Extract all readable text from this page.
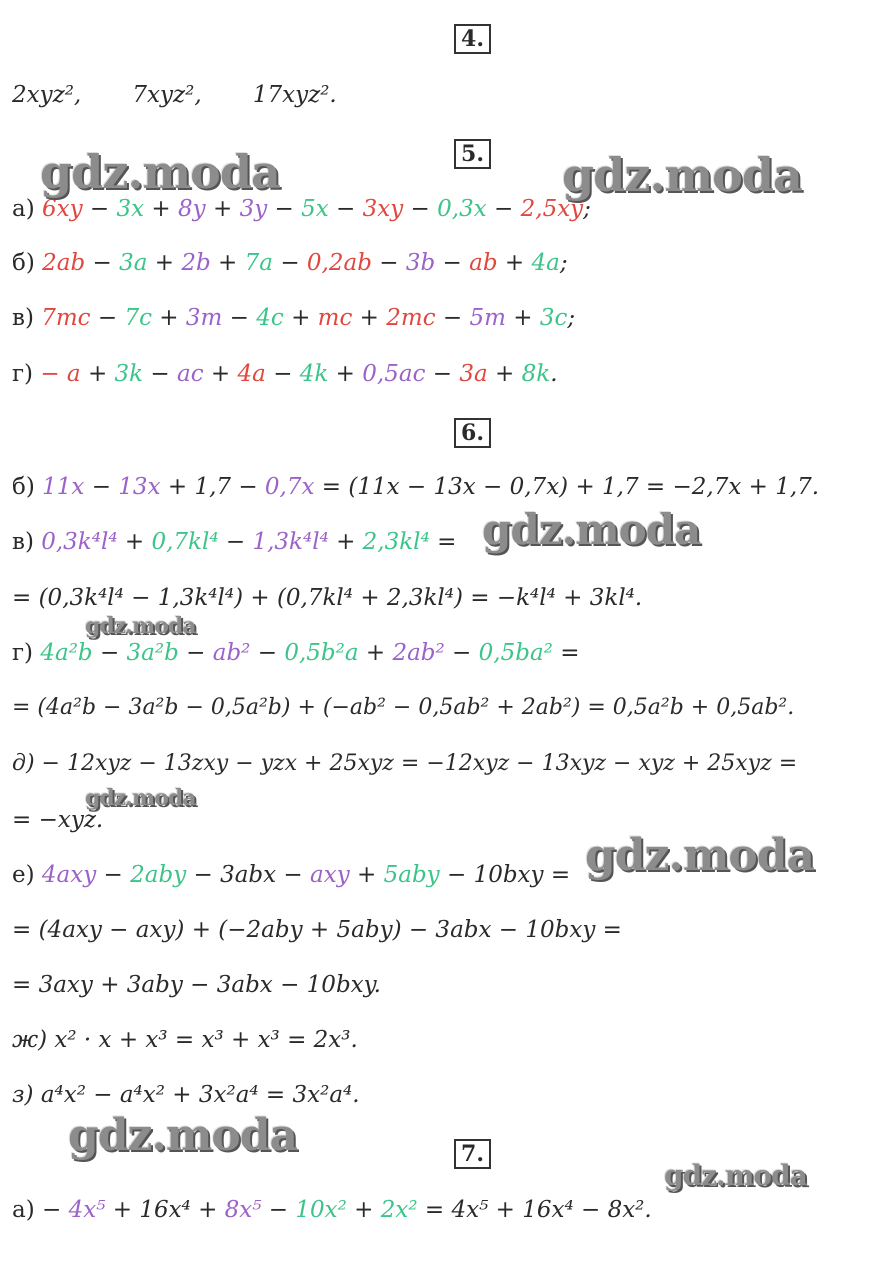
4.
5.
6.
7.
2xyz²,       7xyz²,       17xyz².
а) 6xy − 3x + 8y + 3y − 5x − 3xy − 0,3x − 2,5xy;
б) 2ab − 3a + 2b + 7a − 0,2ab − 3b − ab + 4a;
в) 7mc − 7c + 3m − 4c + mc + 2mc − 5m + 3c;
г) − a + 3k − ac + 4a − 4k + 0,5ac − 3a + 8k.
б) 11x − 13x + 1,7 − 0,7x = (11x − 13x − 0,7x) + 1,7 = −2,7x + 1,7.
в) 0,3k⁴l⁴ + 0,7kl⁴ − 1,3k⁴l⁴ + 2,3kl⁴ =
= (0,3k⁴l⁴ − 1,3k⁴l⁴) + (0,7kl⁴ + 2,3kl⁴) = −k⁴l⁴ + 3kl⁴.
г) 4a²b − 3a²b − ab² − 0,5b²a + 2ab² − 0,5ba² =
= (4a²b − 3a²b − 0,5a²b) + (−ab² − 0,5ab² + 2ab²) = 0,5a²b + 0,5ab².
д) − 12xyz − 13zxy − yzx + 25xyz = −12xyz − 13xyz − xyz + 25xyz =
= −xyz.
е) 4axy − 2aby − 3abx − axy + 5aby − 10bxy =
= (4axy − axy) + (−2aby + 5aby) − 3abx − 10bxy =
= 3axy + 3aby − 3abx − 10bxy.
ж) x² · x + x³ = x³ + x³ = 2x³.
з) a⁴x² − a⁴x² + 3x²a⁴ = 3x²a⁴.
а) − 4x⁵ + 16x⁴ + 8x⁵ − 10x² + 2x² = 4x⁵ + 16x⁴ − 8x².
gdz.moda	gdz.moda
gdz.moda
gdz.moda
gdz.moda
gdz.moda
gdz.moda
gdz.moda
